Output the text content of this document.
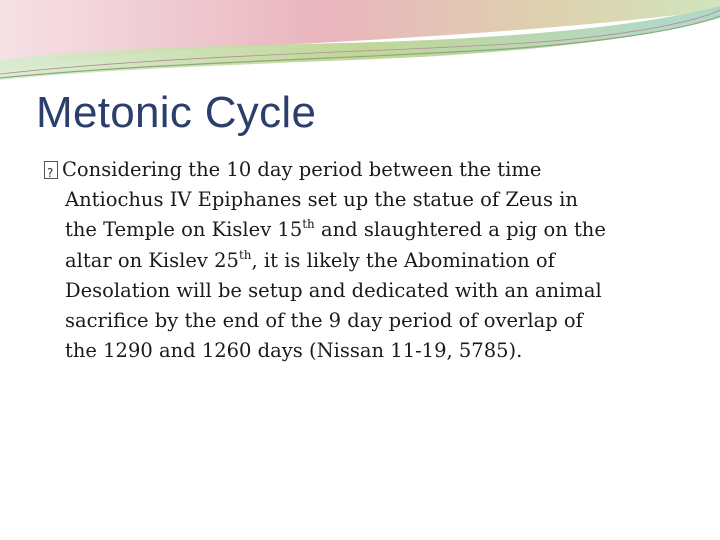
Metonic Cycle
?Considering the 10 day period between the time
Antiochus IV Epiphanes set up the statue of Zeus in
the Temple on Kislev 15th and slaughtered a pig on the
altar on Kislev 25th, it is likely the Abomination of
Desolation will be setup and dedicated with an animal
sacrifice by the end of the 9 day period of overlap of
the 1290 and 1260 days (Nissan 11-19, 5785).
